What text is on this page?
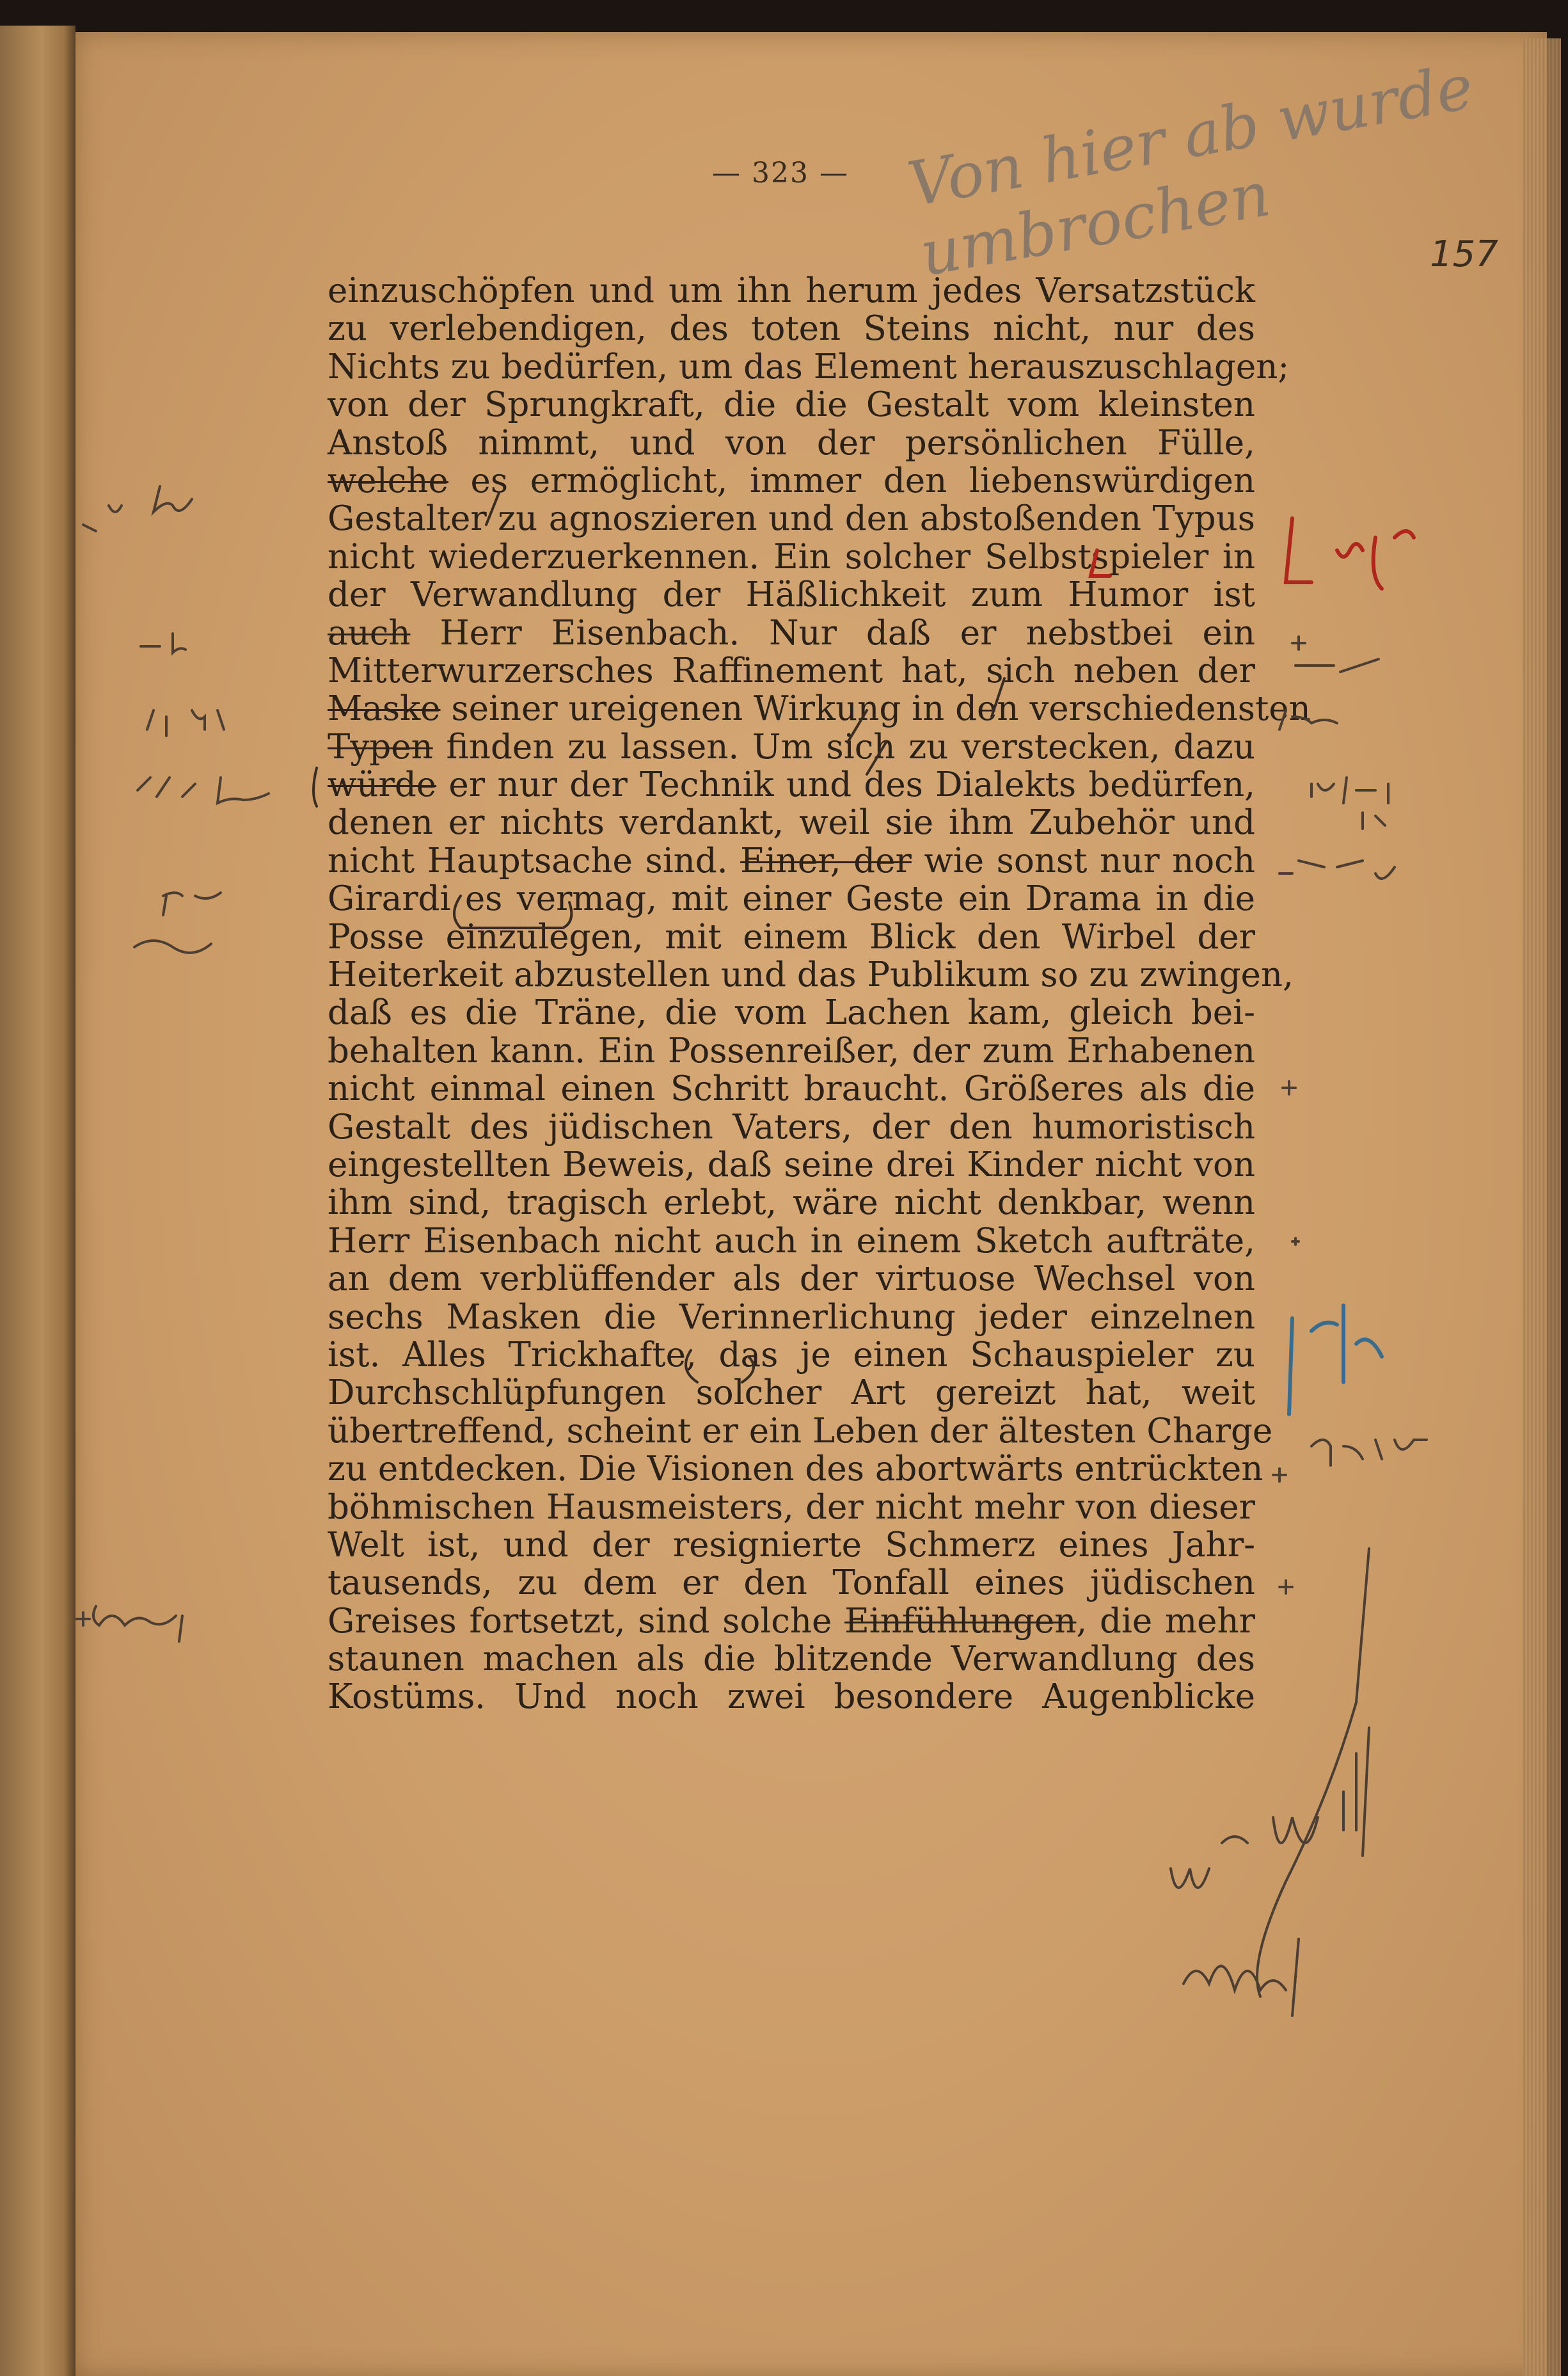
— 323 — Von hier ab wurde umbrochen	157
einzuschöpfen und um ihn herum jedes Versatzstück
zu verlebendigen, des toten Steins nicht, nur des
Nichts zu bedürfen, um das Element herauszuschlagen;
von der Sprungkraft, die die Gestalt vom kleinsten
Anstoß nimmt, und von der persönlichen Fülle,
welche es ermöglicht, immer den liebenswürdigen
Gestalter zu agnoszieren und den abstoßenden Typus
nicht wiederzuerkennen. Ein solcher Selbstspieler in
der Verwandlung der Häßlichkeit zum Humor ist
auch Herr Eisenbach. Nur daß er nebstbei ein
Mitterwurzersches Raffinement hat, sich neben der
Maske seiner ureigenen Wirkung in den verschiedensten
Typen finden zu lassen. Um sich zu verstecken, dazu
würde er nur der Technik und des Dialekts bedürfen,
denen er nichts verdankt, weil sie ihm Zubehör und
nicht Hauptsache sind. Einer, der wie sonst nur noch
Girardi es vermag, mit einer Geste ein Drama in die
Posse einzulegen, mit einem Blick den Wirbel der
Heiterkeit abzustellen und das Publikum so zu zwingen,
daß es die Träne, die vom Lachen kam, gleich bei-
behalten kann. Ein Possenreißer, der zum Erhabenen
nicht einmal einen Schritt braucht. Größeres als die
Gestalt des jüdischen Vaters, der den humoristisch
eingestellten Beweis, daß seine drei Kinder nicht von
ihm sind, tragisch erlebt, wäre nicht denkbar, wenn
Herr Eisenbach nicht auch in einem Sketch aufträte,
an dem verblüffender als der virtuose Wechsel von
sechs Masken die Verinnerlichung jeder einzelnen
ist. Alles Trickhafte, das je einen Schauspieler zu
Durchschlüpfungen solcher Art gereizt hat, weit
übertreffend, scheint er ein Leben der ältesten Charge
zu entdecken. Die Visionen des abortwärts entrückten
böhmischen Hausmeisters, der nicht mehr von dieser
Welt ist, und der resignierte Schmerz eines Jahr-
tausends, zu dem er den Tonfall eines jüdischen
Greises fortsetzt, sind solche Einfühlungen, die mehr
staunen machen als die blitzende Verwandlung des
Kostüms. Und noch zwei besondere Augenblicke
